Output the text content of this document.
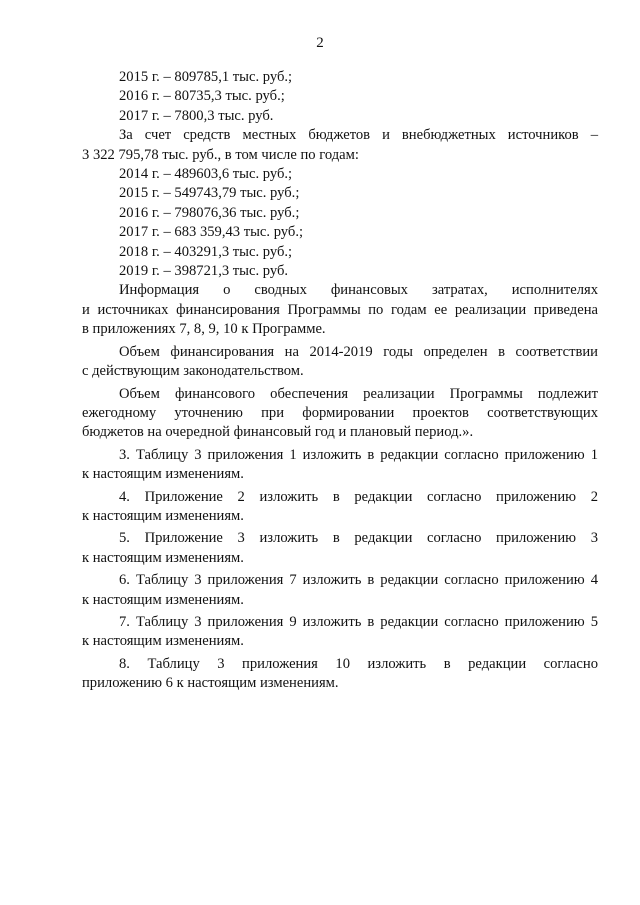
2
2015 г. – 809785,1 тыс. руб.;
2016 г. – 80735,3 тыс. руб.;
2017 г. – 7800,3 тыс. руб.
За счет средств местных бюджетов и внебюджетных источников –
3 322 795,78 тыс. руб., в том числе по годам:
2014 г. – 489603,6 тыс. руб.;
2015 г. – 549743,79 тыс. руб.;
2016 г. – 798076,36 тыс. руб.;
2017 г. – 683 359,43 тыс. руб.;
2018 г. – 403291,3 тыс. руб.;
2019 г. – 398721,3 тыс. руб.
Информация о сводных финансовых затратах, исполнителях
и источниках финансирования Программы по годам ее реализации приведена
в приложениях 7, 8, 9, 10 к Программе.
Объем финансирования на 2014-2019 годы определен в соответствии
с действующим законодательством.
Объем финансового обеспечения реализации Программы подлежит
ежегодному уточнению при формировании проектов соответствующих
бюджетов на очередной финансовый год и плановый период.».
3. Таблицу 3 приложения 1 изложить в редакции согласно приложению 1
к настоящим изменениям.
4. Приложение 2 изложить в редакции согласно приложению 2
к настоящим изменениям.
5. Приложение 3 изложить в редакции согласно приложению 3
к настоящим изменениям.
6. Таблицу 3 приложения 7 изложить в редакции согласно приложению 4
к настоящим изменениям.
7. Таблицу 3 приложения 9 изложить в редакции согласно приложению 5
к настоящим изменениям.
8. Таблицу 3 приложения 10 изложить в редакции согласно
приложению 6 к настоящим изменениям.
